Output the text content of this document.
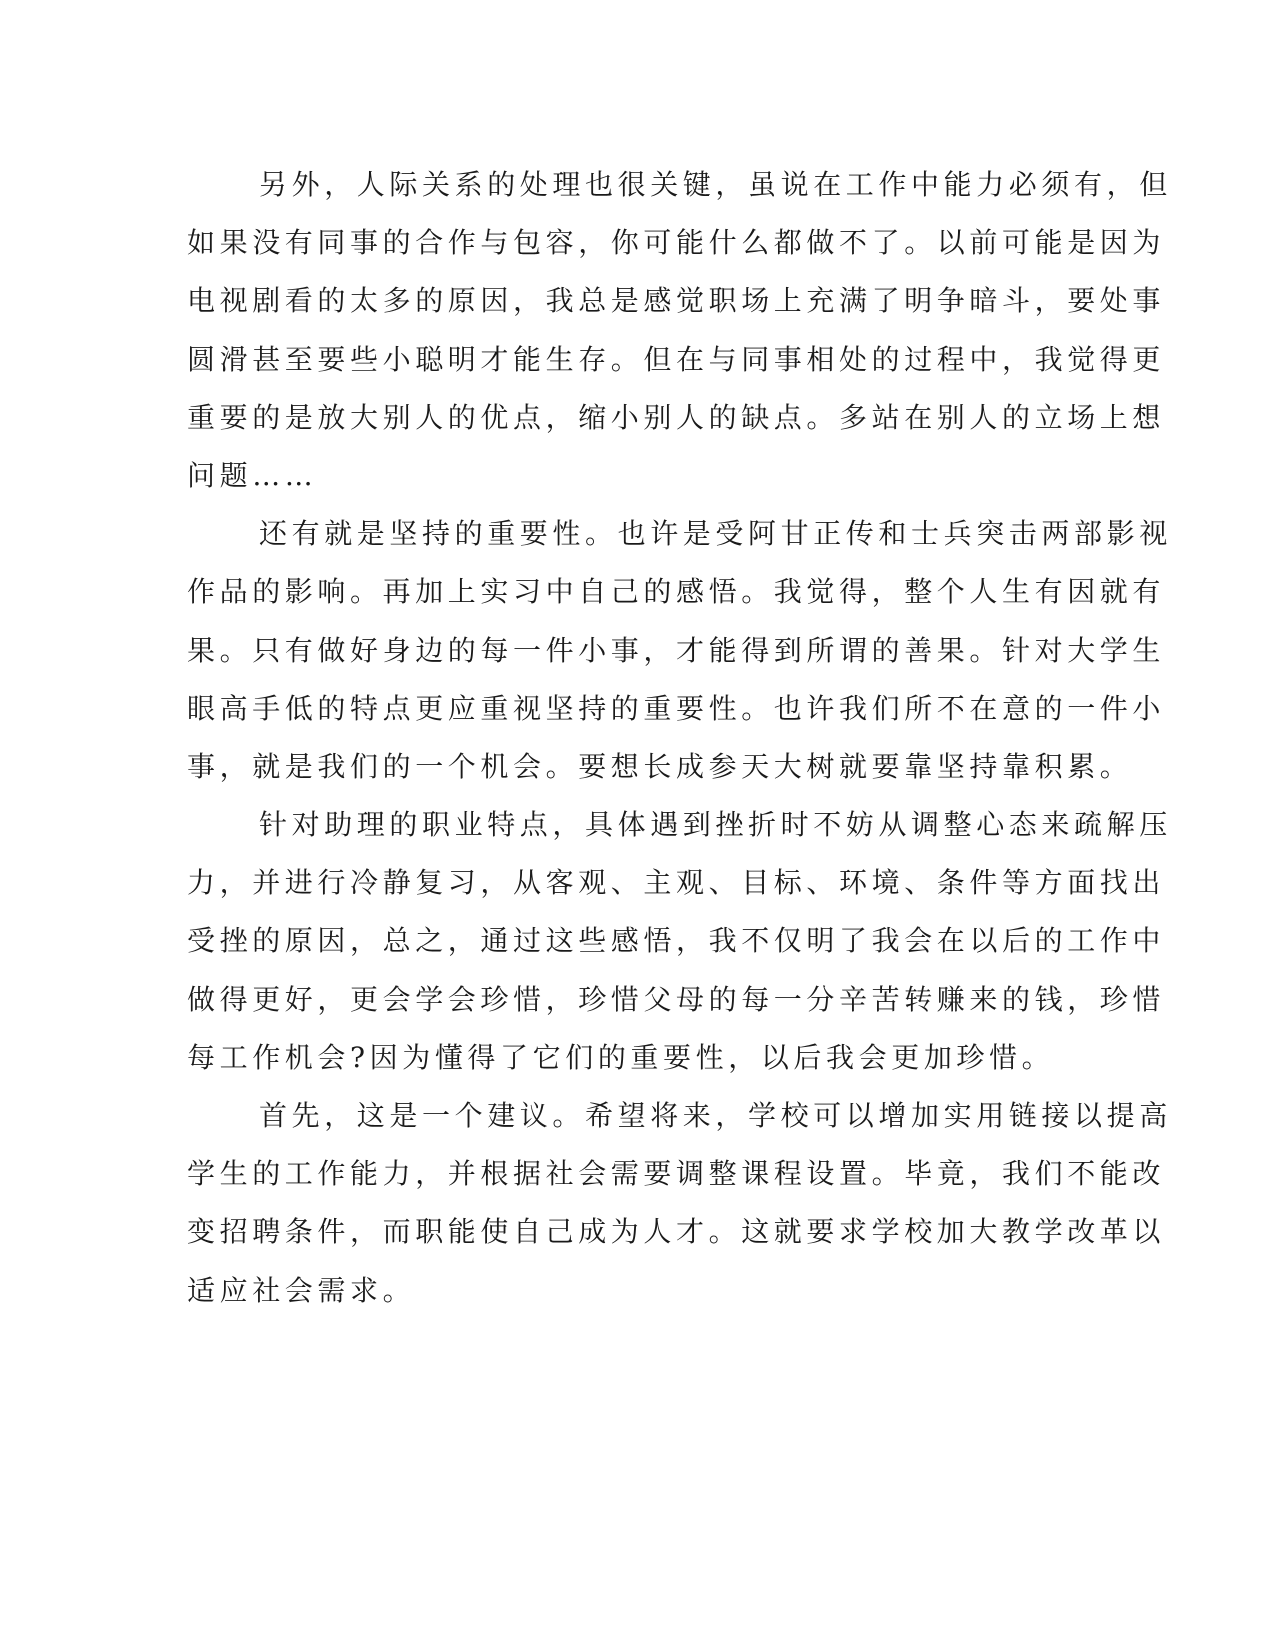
另外，人际关系的处理也很关键，虽说在工作中能力必须有，但
如果没有同事的合作与包容，你可能什么都做不了。以前可能是因为
电视剧看的太多的原因，我总是感觉职场上充满了明争暗斗，要处事
圆滑甚至要些小聪明才能生存。但在与同事相处的过程中，我觉得更
重要的是放大别人的优点，缩小别人的缺点。多站在别人的立场上想
问题……
还有就是坚持的重要性。也许是受阿甘正传和士兵突击两部影视
作品的影响。再加上实习中自己的感悟。我觉得，整个人生有因就有
果。只有做好身边的每一件小事，才能得到所谓的善果。针对大学生
眼高手低的特点更应重视坚持的重要性。也许我们所不在意的一件小
事，就是我们的一个机会。要想长成参天大树就要靠坚持靠积累。
针对助理的职业特点，具体遇到挫折时不妨从调整心态来疏解压
力，并进行冷静复习，从客观、主观、目标、环境、条件等方面找出
受挫的原因，总之，通过这些感悟，我不仅明了我会在以后的工作中
做得更好，更会学会珍惜，珍惜父母的每一分辛苦转赚来的钱，珍惜
每工作机会?因为懂得了它们的重要性，以后我会更加珍惜。
首先，这是一个建议。希望将来，学校可以增加实用链接以提高
学生的工作能力，并根据社会需要调整课程设置。毕竟，我们不能改
变招聘条件，而职能使自己成为人才。这就要求学校加大教学改革以
适应社会需求。
